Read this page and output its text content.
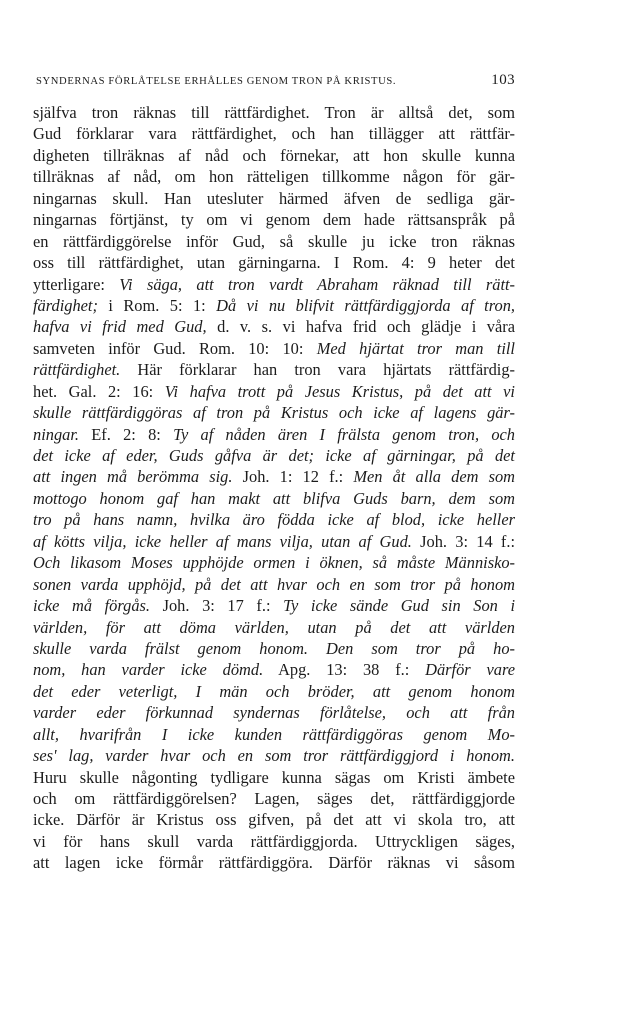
SYNDERNAS FÖRLÅTELSE ERHÅLLES GENOM TRON PÅ KRISTUS.	103
själfva tron räknas till rättfärdighet. Tron är alltså det, som
Gud förklarar vara rättfärdighet, och han tillägger att rättfär-
digheten tillräknas af nåd och förnekar, att hon skulle kunna
tillräknas af nåd, om hon rätteligen tillkomme någon för gär-
ningarnas skull. Han utesluter härmed äfven de sedliga gär-
ningarnas förtjänst, ty om vi genom dem hade rättsanspråk på
en rättfärdiggörelse inför Gud, så skulle ju icke tron räknas
oss till rättfärdighet, utan gärningarna. I Rom. 4: 9 heter det
ytterligare: Vi säga, att tron vardt Abraham räknad till rätt-
färdighet; i Rom. 5: 1: Då vi nu blifvit rättfärdiggjorda af tron,
hafva vi frid med Gud, d. v. s. vi hafva frid och glädje i våra
samveten inför Gud. Rom. 10: 10: Med hjärtat tror man till
rättfärdighet. Här förklarar han tron vara hjärtats rättfärdig-
het. Gal. 2: 16: Vi hafva trott på Jesus Kristus, på det att vi
skulle rättfärdiggöras af tron på Kristus och icke af lagens gär-
ningar. Ef. 2: 8: Ty af nåden ären I frälsta genom tron, och
det icke af eder, Guds gåfva är det; icke af gärningar, på det
att ingen må berömma sig. Joh. 1: 12 f.: Men åt alla dem som
mottogo honom gaf han makt att blifva Guds barn, dem som
tro på hans namn, hvilka äro födda icke af blod, icke heller
af kötts vilja, icke heller af mans vilja, utan af Gud. Joh. 3: 14 f.:
Och likasom Moses upphöjde ormen i öknen, så måste Människo-
sonen varda upphöjd, på det att hvar och en som tror på honom
icke må förgås. Joh. 3: 17 f.: Ty icke sände Gud sin Son i
världen, för att döma världen, utan på det att världen
skulle varda frälst genom honom. Den som tror på ho-
nom, han varder icke dömd. Apg. 13: 38 f.: Därför vare
det eder veterligt, I män och bröder, att genom honom
varder eder förkunnad syndernas förlåtelse, och att från
allt, hvarifrån I icke kunden rättfärdiggöras genom Mo-
ses' lag, varder hvar och en som tror rättfärdiggjord i honom.
Huru skulle någonting tydligare kunna sägas om Kristi ämbete
och om rättfärdiggörelsen? Lagen, säges det, rättfärdiggjorde
icke. Därför är Kristus oss gifven, på det att vi skola tro, att
vi för hans skull varda rättfärdiggjorda. Uttryckligen säges,
att lagen icke förmår rättfärdiggöra. Därför räknas vi såsom
